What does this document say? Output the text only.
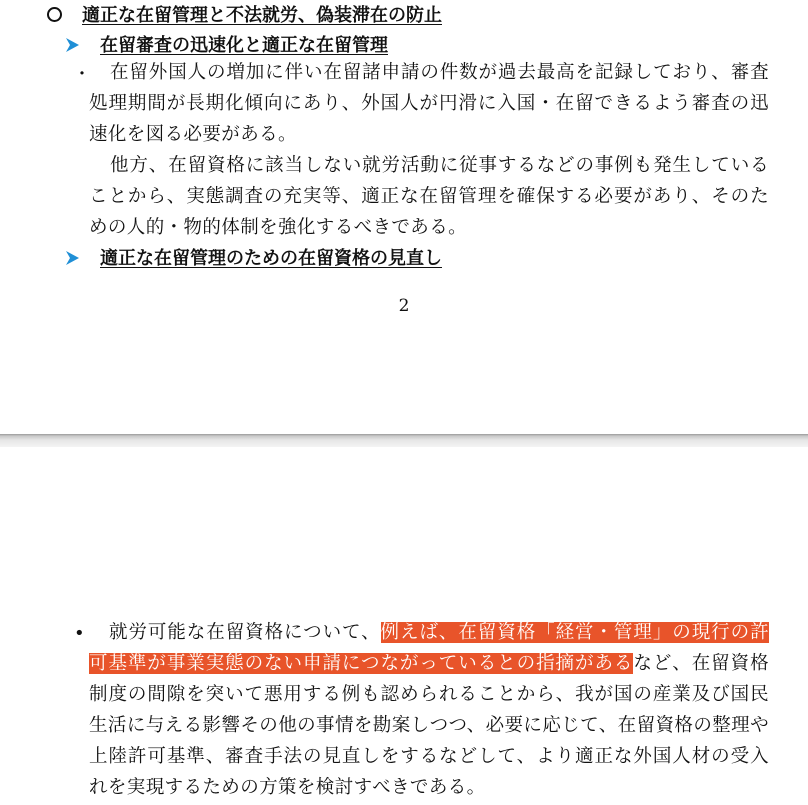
適正な在留管理と不法就労、偽装滞在の防止
在留審査の迅速化と適正な在留管理
・	在留外国人の増加に伴い在留諸申請の件数が過去最高を記録しており、審査処理期間が長期化傾向にあり、外国人が円滑に入国・在留できるよう審査の迅速化を図る必要がある。

他方、在留資格に該当しない就労活動に従事するなどの事例も発生していることから、実態調査の充実等、適正な在留管理を確保する必要があり、そのための人的・物的体制を強化するべきである。

適正な在留管理のための在留資格の見直し
2
•	就労可能な在留資格について、例えば、在留資格「経営・管理」の現行の許可基準が事業実態のない申請につながっているとの指摘があるなど、在留資格制度の間隙を突いて悪用する例も認められることから、我が国の産業及び国民生活に与える影響その他の事情を勘案しつつ、必要に応じて、在留資格の整理や上陸許可基準、審査手法の見直しをするなどして、より適正な外国人材の受入れを実現するための方策を検討すべきである。
